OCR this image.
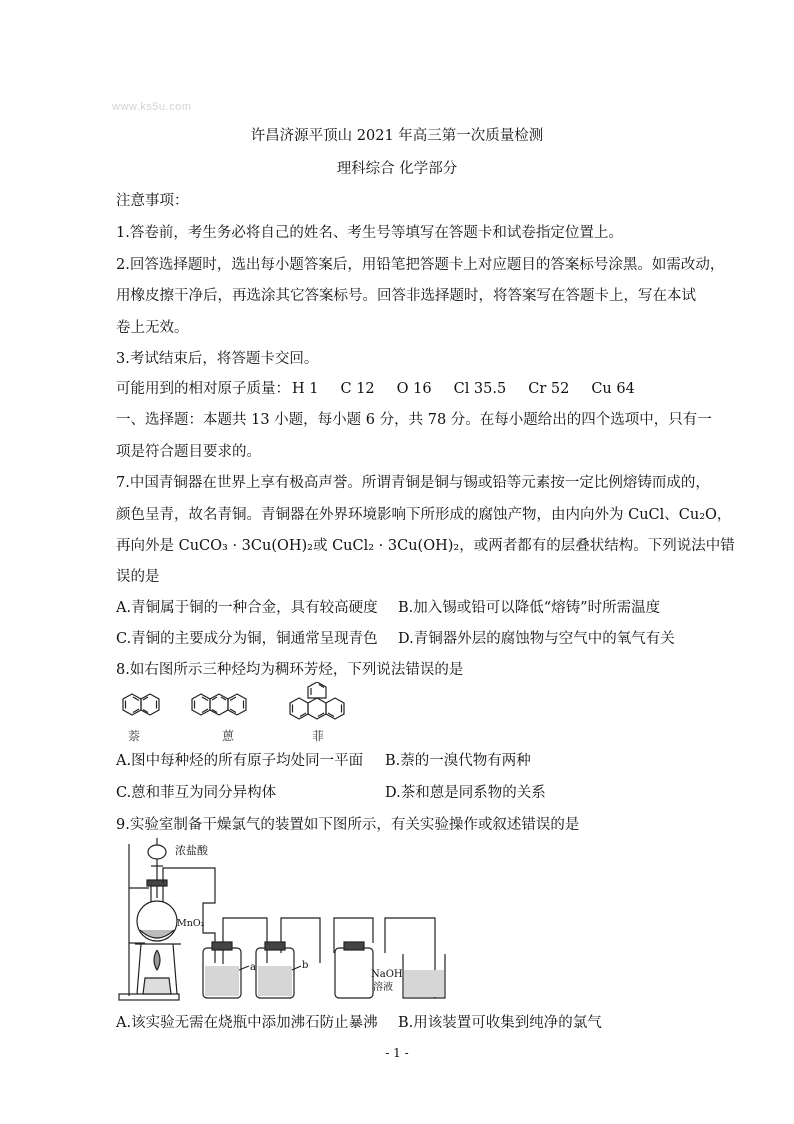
www.ks5u.com
许昌济源平顶山 2021 年高三第一次质量检测
理科综合 化学部分
注意事项：
1.答卷前，考生务必将自己的姓名、考生号等填写在答题卡和试卷指定位置上。
2.回答选择题时，选出每小题答案后，用铅笔把答题卡上对应题目的答案标号涂黑。如需改动，
用橡皮擦干净后，再选涂其它答案标号。回答非选择题时，将答案写在答题卡上，写在本试
卷上无效。
3.考试结束后，将答题卡交回。
可能用到的相对原子质量： H 1 C 12 O 16 Cl 35.5 Cr 52 Cu 64
一、选择题：本题共 13 小题，每小题 6 分，共 78 分。在每小题给出的四个选项中，只有一
项是符合题目要求的。
7.中国青铜器在世界上享有极高声誉。所谓青铜是铜与锡或铅等元素按一定比例熔铸而成的，
颜色呈青，故名青铜。青铜器在外界环境影响下所形成的腐蚀产物，由内向外为 CuCl、Cu₂O，
再向外是 CuCO₃ · 3Cu(OH)₂或 CuCl₂ · 3Cu(OH)₂，或两者都有的层叠状结构。下列说法中错
误的是
A.青铜属于铜的一种合金，具有较高硬度 B.加入锡或铅可以降低“熔铸”时所需温度
C.青铜的主要成分为铜，铜通常呈现青色 D.青铜器外层的腐蚀物与空气中的氧气有关
8.如右图所示三种烃均为稠环芳烃，下列说法错误的是
萘	蒽	菲
A.图中每种烃的所有原子均处同一平面 B.萘的一溴代物有两种
C.蒽和菲互为同分异构体	D.茶和蒽是同系物的关系
9.实验室制备干燥氯气的装置如下图所示，有关实验操作或叙述错误的是
浓盐酸
MnO₂
a	b
NaOH
溶液
A.该实验无需在烧瓶中添加沸石防止暴沸 B.用该装置可收集到纯净的氯气
- 1 -
